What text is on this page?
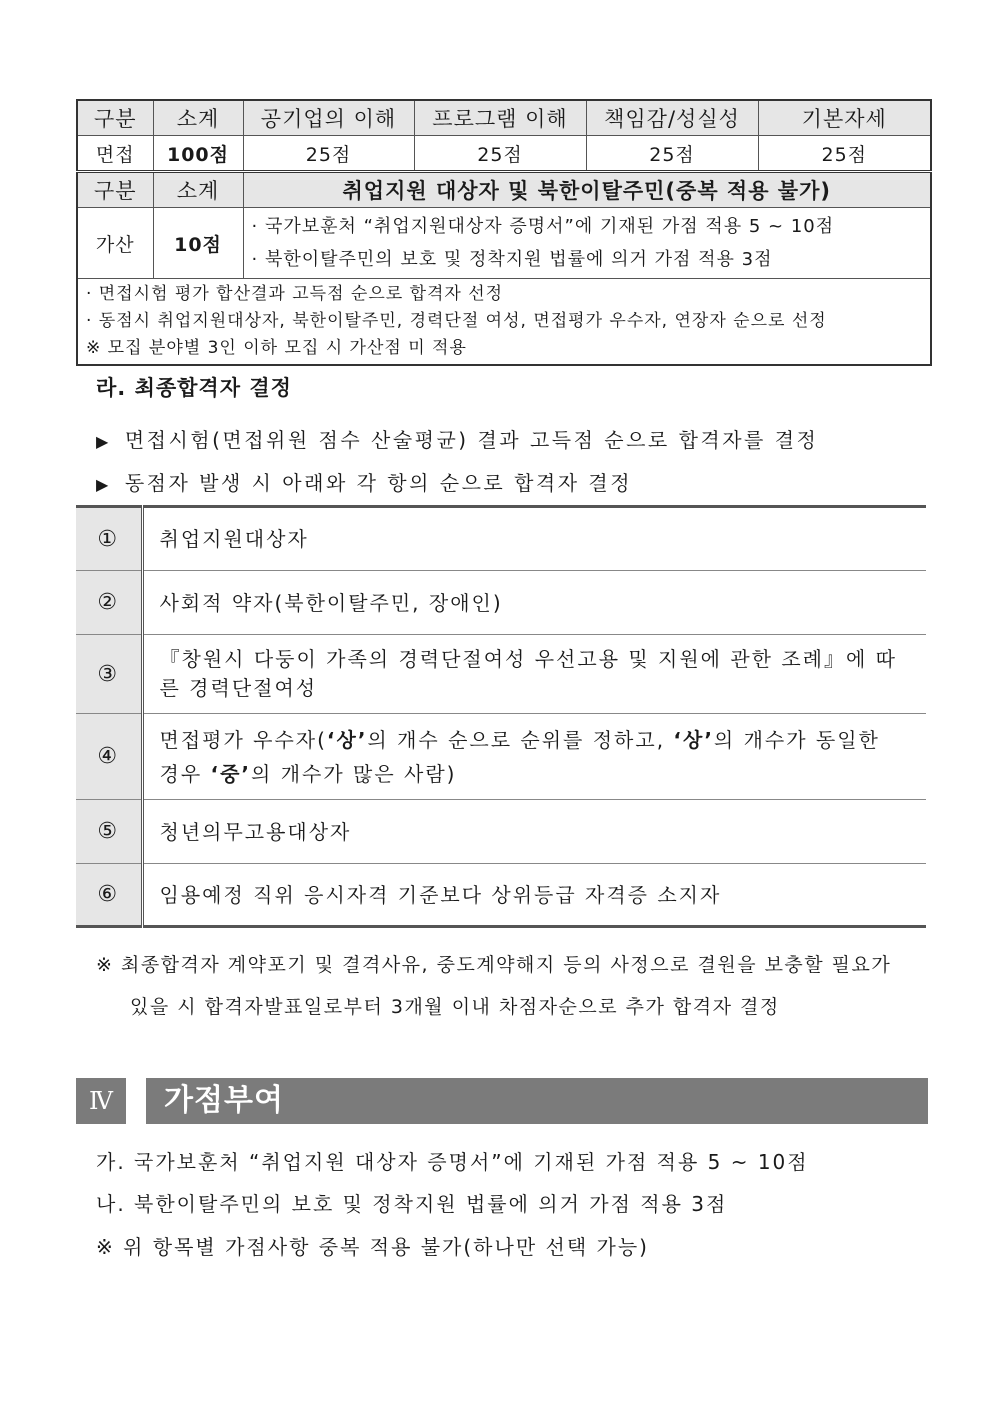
구분	소계	공기업의 이해	프로그램 이해	책임감/성실성	기본자세
면접	100점	25점	25점	25점	25점
구분	소계	취업지원 대상자 및 북한이탈주민(중복 적용 불가)			
가산	10점	· 국가보훈처 “취업지원대상자 증명서”에 기재된 가점 적용 5 ~ 10점
· 북한이탈주민의 보호 및 정착지원 법률에 의거 가점 적용 3점			

· 면접시험 평가 합산결과 고득점 순으로 합격자 선정
· 동점시 취업지원대상자, 북한이탈주민, 경력단절 여성, 면접평가 우수자, 연장자 순으로 선정
※ 모집 분야별 3인 이하 모집 시 가산점 미 적용					
라. 최종합격자 결정
▶ 면접시험(면접위원 점수 산술평균) 결과 고득점 순으로 합격자를 결정
▶ 동점자 발생 시 아래와 각 항의 순으로 합격자 결정
①	취업지원대상자
②	사회적 약자(북한이탈주민, 장애인)
③	『창원시 다둥이 가족의 경력단절여성 우선고용 및 지원에 관한 조례』에 따른 경력단절여성
④	면접평가 우수자(‘상’의 개수 순으로 순위를 정하고, ‘상’의 개수가 동일한 경우 ‘중’의 개수가 많은 사람)
⑤	청년의무고용대상자
⑥	임용예정 직위 응시자격 기준보다 상위등급 자격증 소지자
※ 최종합격자 계약포기 및 결격사유, 중도계약해지 등의 사정으로 결원을 보충할 필요가
있을 시 합격자발표일로부터 3개월 이내 차점자순으로 추가 합격자 결정
Ⅳ	가점부여
가. 국가보훈처 “취업지원 대상자 증명서”에 기재된 가점 적용 5 ~ 10점
나. 북한이탈주민의 보호 및 정착지원 법률에 의거 가점 적용 3점
※ 위 항목별 가점사항 중복 적용 불가(하나만 선택 가능)
